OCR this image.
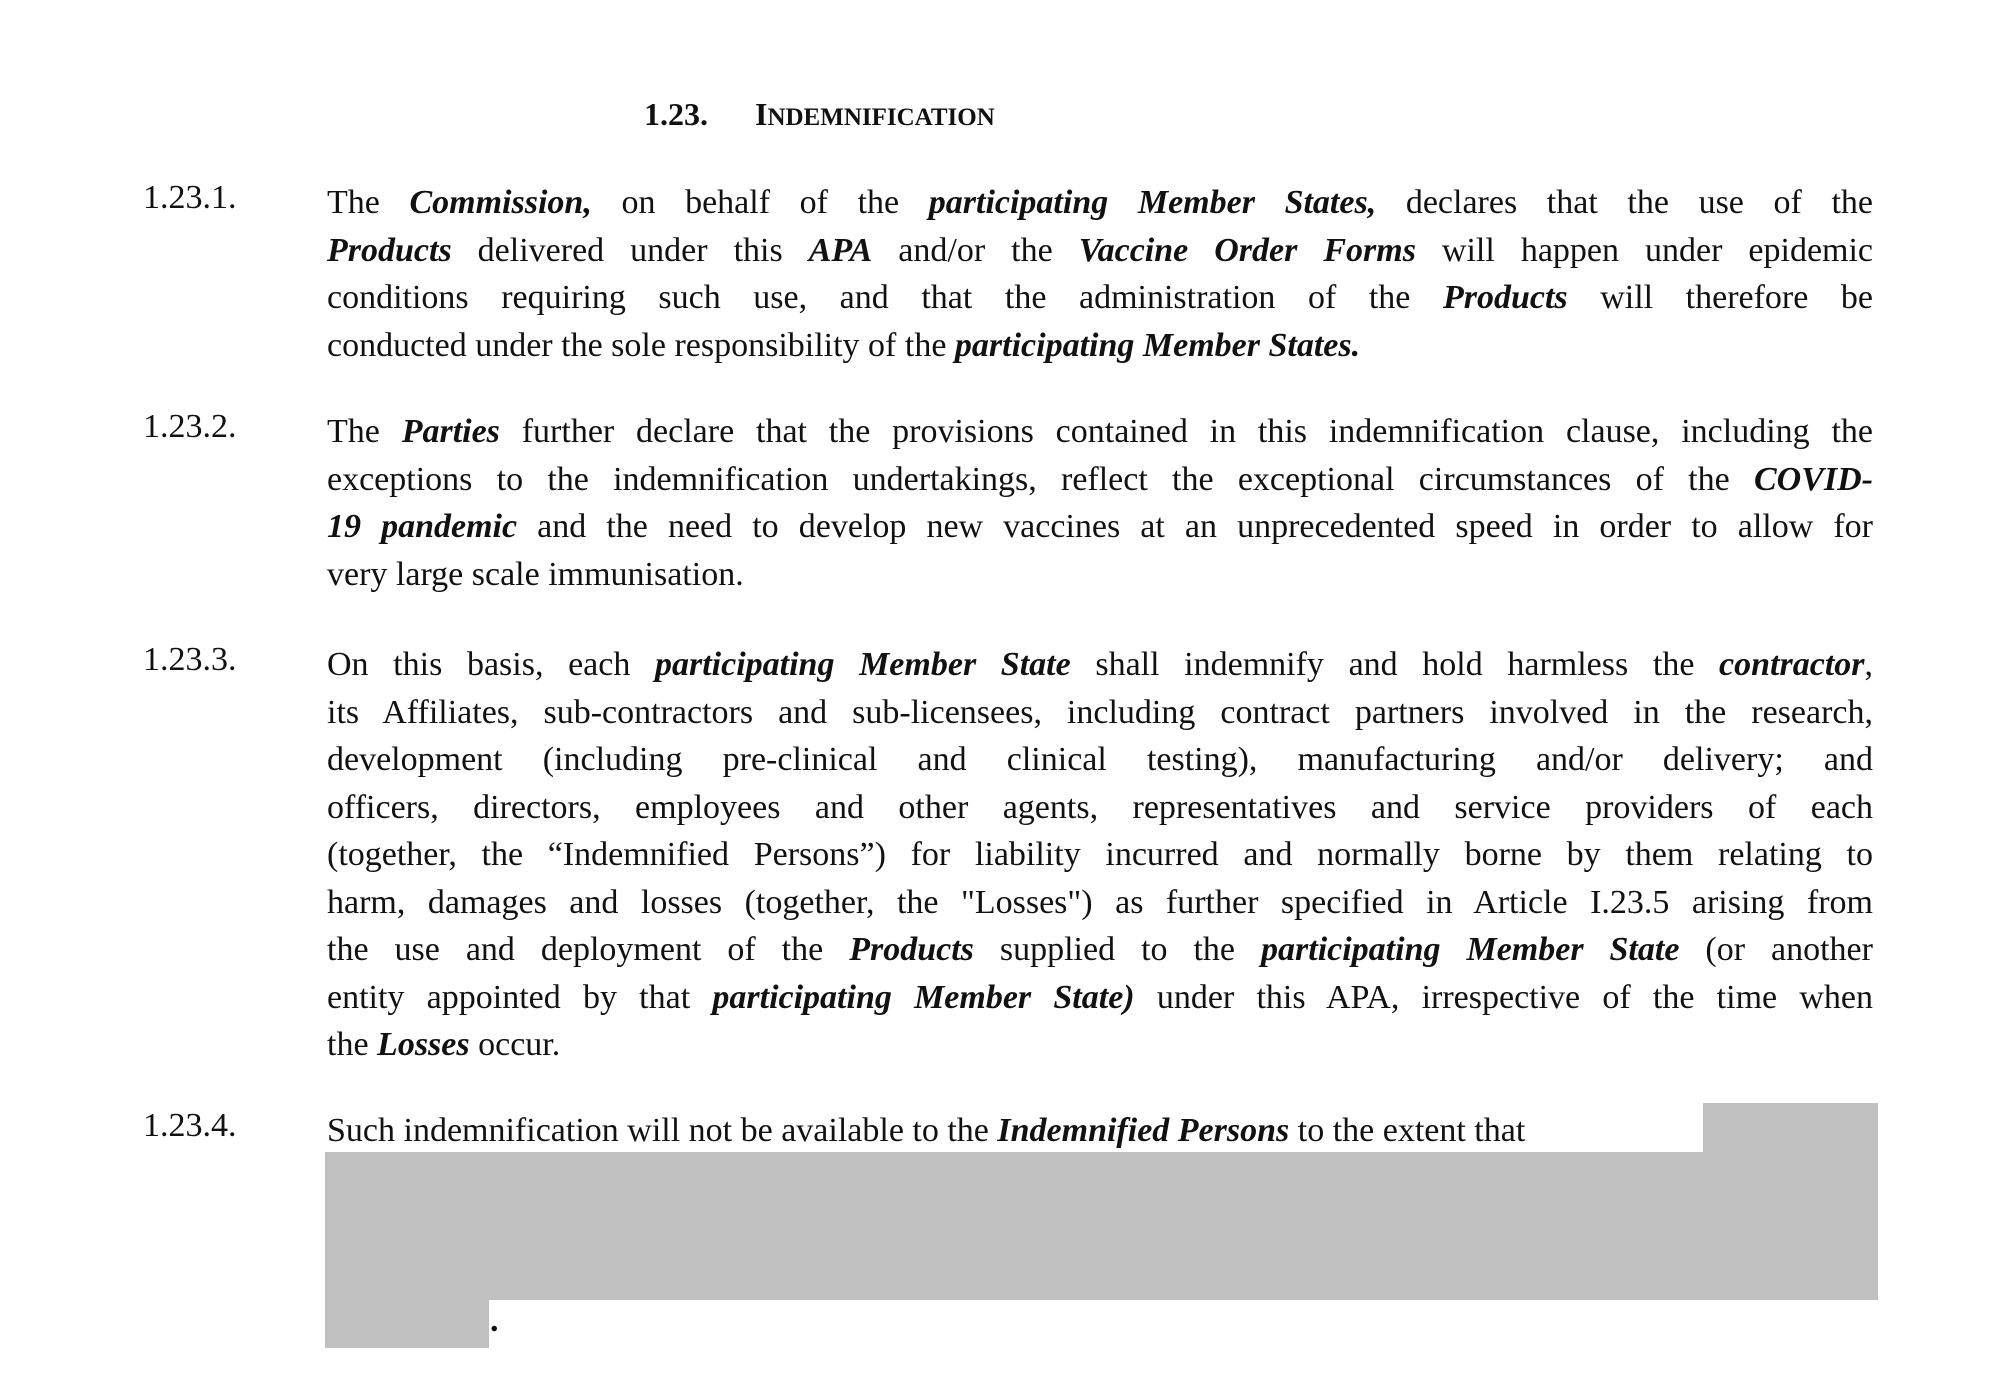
1.23. INDEMNIFICATION
1.23.1.	The Commission, on behalf of the participating Member States, declares that the use of the
Products delivered under this APA and/or the Vaccine Order Forms will happen under epidemic
conditions requiring such use, and that the administration of the Products will therefore be
conducted under the sole responsibility of the participating Member States.
1.23.2.	The Parties further declare that the provisions contained in this indemnification clause, including the
exceptions to the indemnification undertakings, reflect the exceptional circumstances of the COVID-
19 pandemic and the need to develop new vaccines at an unprecedented speed in order to allow for
very large scale immunisation.
1.23.3.	On this basis, each participating Member State shall indemnify and hold harmless the contractor,
its Affiliates, sub-contractors and sub-licensees, including contract partners involved in the research,
development (including pre-clinical and clinical testing), manufacturing and/or delivery; and
officers, directors, employees and other agents, representatives and service providers of each
(together, the “Indemnified Persons”) for liability incurred and normally borne by them relating to
harm, damages and losses (together, the "Losses") as further specified in Article I.23.5 arising from
the use and deployment of the Products supplied to the participating Member State (or another
entity appointed by that participating Member State) under this APA, irrespective of the time when
the Losses occur.
1.23.4.	Such indemnification will not be available to the Indemnified Persons to the extent that
.
